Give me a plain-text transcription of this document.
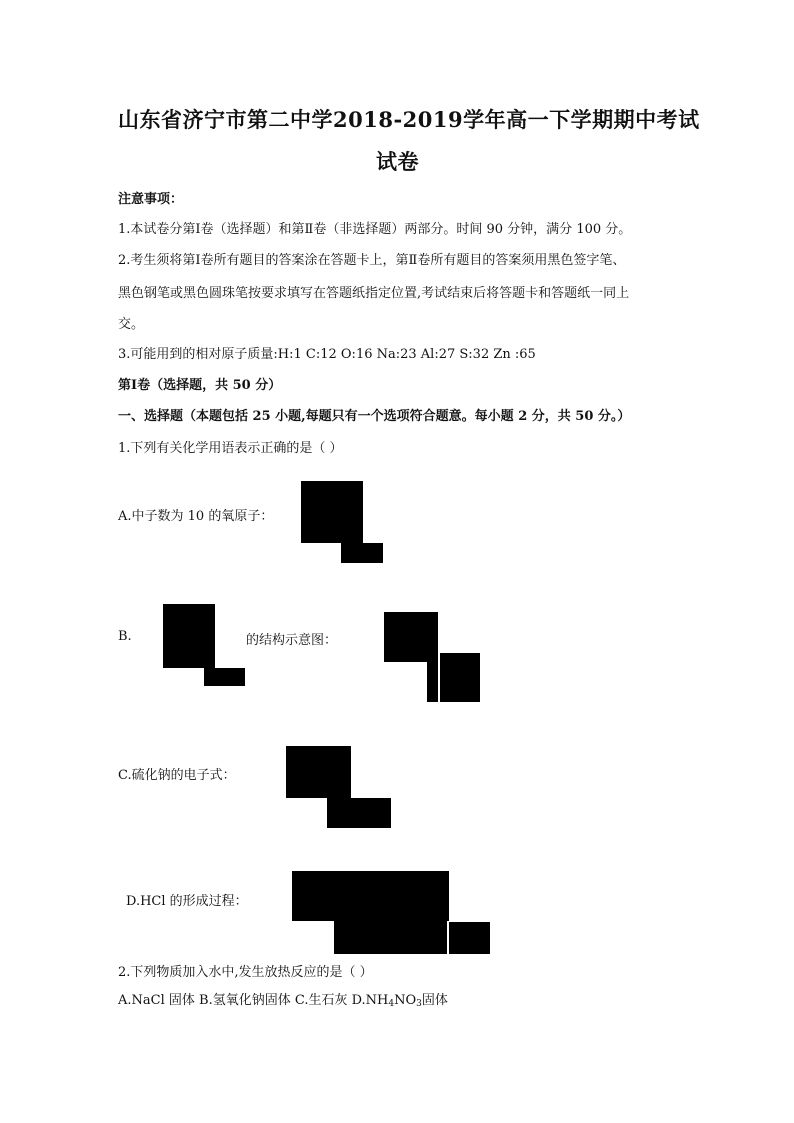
山东省济宁市第二中学2018-2019学年高一下学期期中考试
试卷
注意事项：
1.本试卷分第Ⅰ卷（选择题）和第Ⅱ卷（非选择题）两部分。时间 90 分钟，满分 100 分。
2.考生须将第Ⅰ卷所有题目的答案涂在答题卡上，第Ⅱ卷所有题目的答案须用黑色签字笔、
黑色钢笔或黑色圆珠笔按要求填写在答题纸指定位置,考试结束后将答题卡和答题纸一同上
交。
3.可能用到的相对原子质量:H:1 C:12 O:16 Na:23 Al:27 S:32 Zn :65
第Ⅰ卷（选择题，共 50 分）
一、选择题（本题包括 25 小题,每题只有一个选项符合题意。每小题 2 分，共 50 分。）
1.下列有关化学用语表示正确的是（ ）
A.中子数为 10 的氧原子：
B.	的结构示意图：
C.硫化钠的电子式：
D.HCl 的形成过程：
2.下列物质加入水中,发生放热反应的是（ ）
A.NaCl 固体 B.氢氧化钠固体 C.生石灰 $D.NH_4NO_3$固体
